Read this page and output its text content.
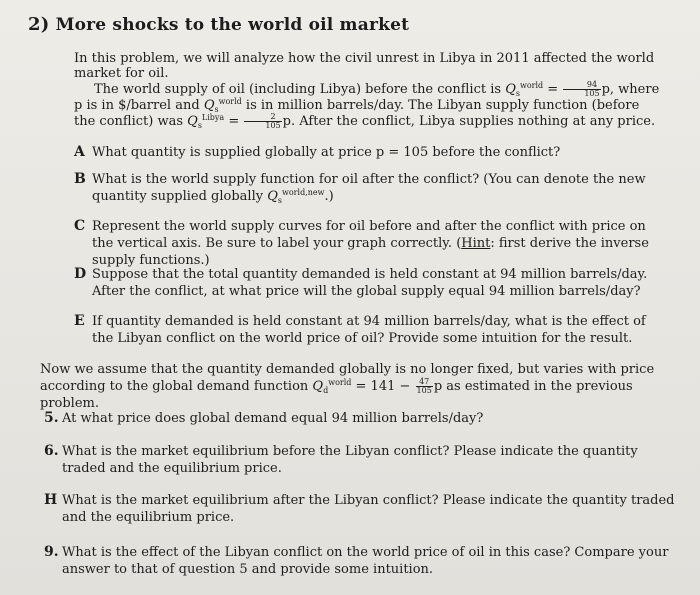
2) More shocks to the world oil market

In this problem, we will analyze how the civil unrest in Libya in 2011 affected the world market for oil.

The world supply of oil (including Libya) before the conflict is $Q_s^{world} = \frac{94}{105} p$, where p is in $/barrel and $Q_s^{world}$ is in million barrels/day. The Libyan supply function (before the conflict) was $Q_s^{Libya} = \frac{2}{105} p$. After the conflict, Libya supplies nothing at any price.

A What quantity is supplied globally at price p = 105 before the conflict?
B What is the world supply function for oil after the conflict? (You can denote the new quantity supplied globally $Q_s^{world,new}$.)
C Represent the world supply curves for oil before and after the conflict with price on the vertical axis. Be sure to label your graph correctly. (Hint: first derive the inverse supply functions.)
D Suppose that the total quantity demanded is held constant at 94 million barrels/day. After the conflict, at what price will the global supply equal 94 million barrels/day?
E If quantity demanded is held constant at 94 million barrels/day, what is the effect of the Libyan conflict on the world price of oil? Provide some intuition for the result.
Now we assume that the quantity demanded globally is no longer fixed, but varies with price according to the global demand function $Q_d^{world} = 141 - \frac{47}{105}$ p as estimated in the previous problem.
5. At what price does global demand equal 94 million barrels/day?
6. What is the market equilibrium before the Libyan conflict? Please indicate the quantity traded and the equilibrium price.
H What is the market equilibrium after the Libyan conflict? Please indicate the quantity traded and the equilibrium price.
9. What is the effect of the Libyan conflict on the world price of oil in this case? Compare your answer to that of question 5 and provide some intuition.
